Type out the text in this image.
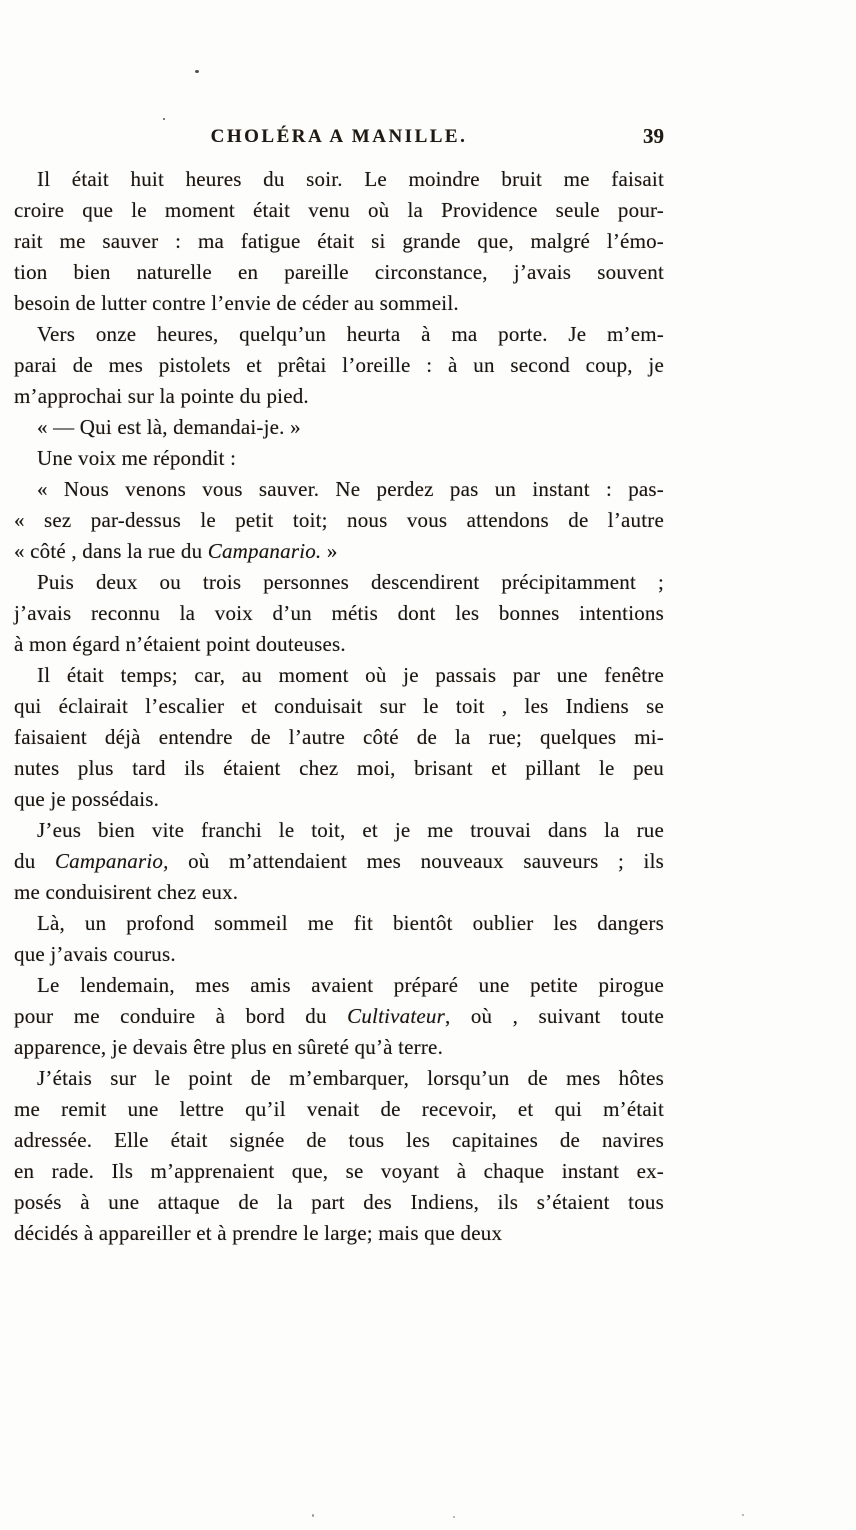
CHOLÉRA A MANILLE.	39
Il était huit heures du soir. Le moindre bruit me faisait
croire que le moment était venu où la Providence seule pour-
rait me sauver : ma fatigue était si grande que, malgré l’émo-
tion bien naturelle en pareille circonstance, j’avais souvent
besoin de lutter contre l’envie de céder au sommeil.
Vers onze heures, quelqu’un heurta à ma porte. Je m’em-
parai de mes pistolets et prêtai l’oreille : à un second coup, je
m’approchai sur la pointe du pied.
« — Qui est là, demandai-je. »
Une voix me répondit :
« Nous venons vous sauver. Ne perdez pas un instant : pas-
« sez par-dessus le petit toit; nous vous attendons de l’autre
« côté , dans la rue du Campanario. »
Puis deux ou trois personnes descendirent précipitamment ;
j’avais reconnu la voix d’un métis dont les bonnes intentions
à mon égard n’étaient point douteuses.
Il était temps; car, au moment où je passais par une fenêtre
qui éclairait l’escalier et conduisait sur le toit , les Indiens se
faisaient déjà entendre de l’autre côté de la rue; quelques mi-
nutes plus tard ils étaient chez moi, brisant et pillant le peu
que je possédais.
J’eus bien vite franchi le toit, et je me trouvai dans la rue
du Campanario, où m’attendaient mes nouveaux sauveurs ; ils
me conduisirent chez eux.
Là, un profond sommeil me fit bientôt oublier les dangers
que j’avais courus.
Le lendemain, mes amis avaient préparé une petite pirogue
pour me conduire à bord du Cultivateur, où , suivant toute
apparence, je devais être plus en sûreté qu’à terre.
J’étais sur le point de m’embarquer, lorsqu’un de mes hôtes
me remit une lettre qu’il venait de recevoir, et qui m’était
adressée. Elle était signée de tous les capitaines de navires
en rade. Ils m’apprenaient que, se voyant à chaque instant ex-
posés à une attaque de la part des Indiens, ils s’étaient tous
décidés à appareiller et à prendre le large; mais que deux
